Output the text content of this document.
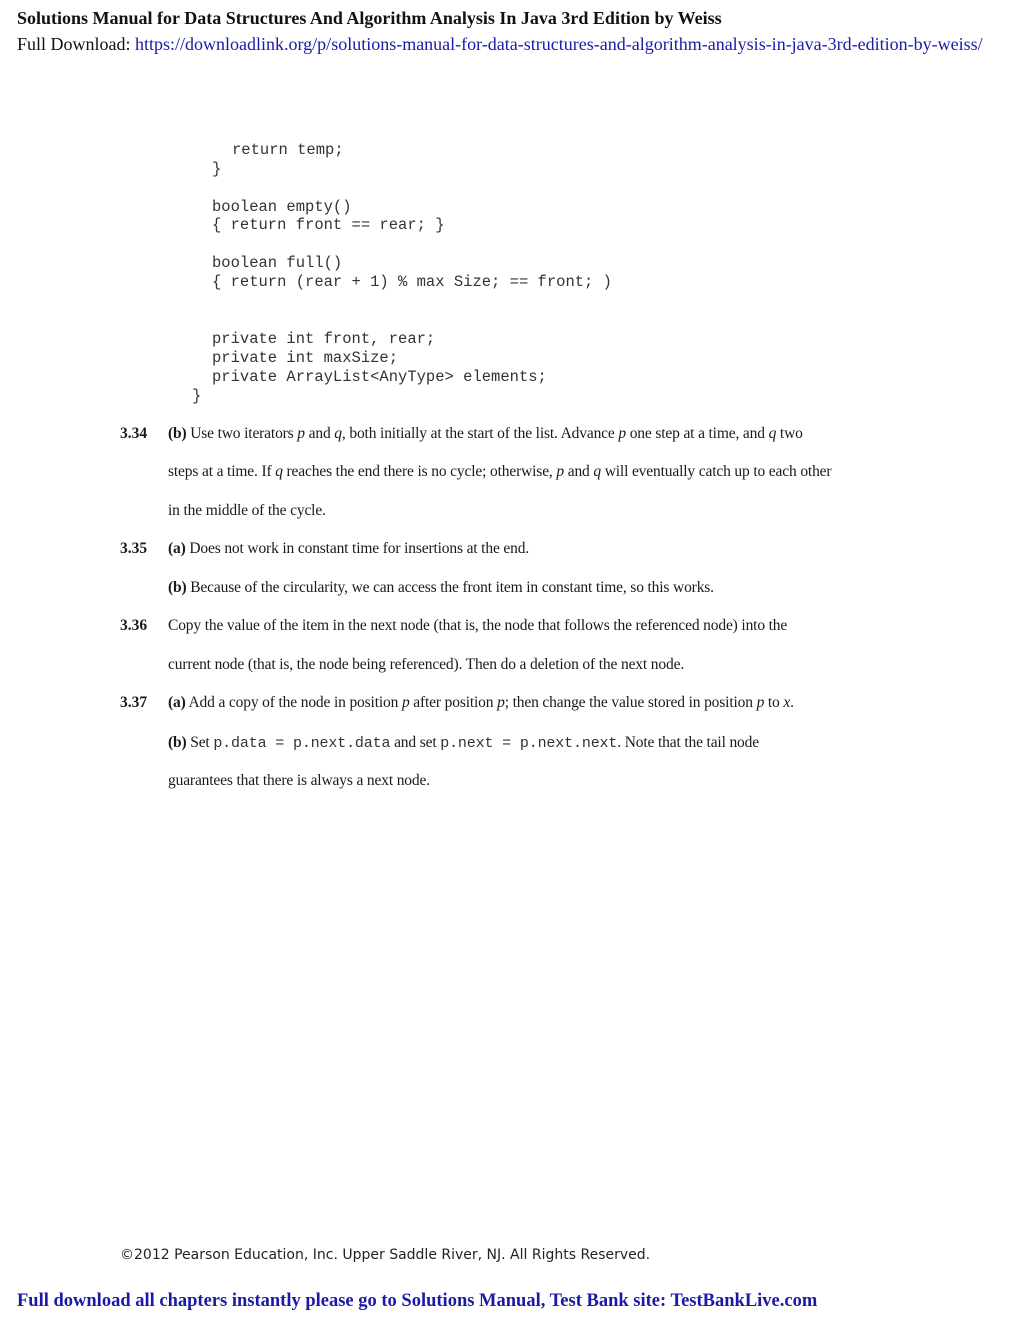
Solutions Manual for Data Structures And Algorithm Analysis In Java 3rd Edition by Weiss
Full Download: https://downloadlink.org/p/solutions-manual-for-data-structures-and-algorithm-analysis-in-java-3rd-edition-by-weiss/
return temp;
}
boolean empty()
{ return front == rear; }
boolean full()
{ return (rear + 1) % max Size; == front; )
private int front, rear;
private int maxSize;
private ArrayList<AnyType> elements;
}
3.34 (b) Use two iterators p and q, both initially at the start of the list. Advance p one step at a time, and q two
steps at a time. If q reaches the end there is no cycle; otherwise, p and q will eventually catch up to each other
in the middle of the cycle.
3.35 (a) Does not work in constant time for insertions at the end.
(b) Because of the circularity, we can access the front item in constant time, so this works.
3.36 Copy the value of the item in the next node (that is, the node that follows the referenced node) into the
current node (that is, the node being referenced). Then do a deletion of the next node.
3.37 (a) Add a copy of the node in position p after position p; then change the value stored in position p to x.
(b) Set p.data = p.next.data and set p.next = p.next.next. Note that the tail node
guarantees that there is always a next node.
©2012 Pearson Education, Inc. Upper Saddle River, NJ. All Rights Reserved.
Full download all chapters instantly please go to Solutions Manual, Test Bank site: TestBankLive.com
